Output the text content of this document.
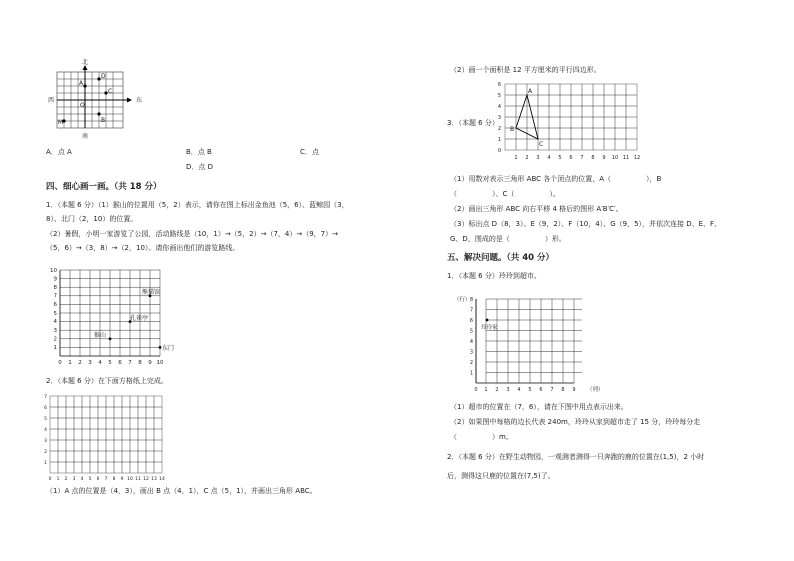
北
南
西	东
A
D
C
O
B
M
A．点 A	B．点 B	C．点
D．点 D
四、细心画一画。（共 18 分）
1．（本题 6 分）（1）猴山的位置用（5，2）表示，请你在图上标出金鱼池（5，6）、蓝鲸园（3，
8）、北门（2，10）的位置。
（2）暑假，小明一家游览了公园，活动路线是（10，1）→（5，2）→（7，4）→（9，7）→
（5，6）→（3，8）→（2，10）。请你画出他们的游览路线。
熊猫馆
孔雀亭
猴山
东门
0 1 2 3 4 5 6 7 8 9 10
1
2
3
4
5
6
7
8
9
10
2．（本题 6 分）在下面方格纸上完成。
0 1 2 3 4 5 6 7 8 9 10 11 12 13 14
1
2
3
4
5
6
7
（1）A 点的位置是（4，3），画出 B 点（4，1），C 点（5，1），并画出三角形 ABC。
（2）画一个面积是 12 平方厘米的平行四边形。
3．（本题 6 分）
A
B
C
1 2 3 4 5 6 7 8 9 10 11 12
0
1
2
3
4
5
6
（1）用数对表示三角形 ABC 各个顶点的位置，A（　　　　　），B
（　　　　　）、C（　　　　　）。
（2）画出三角形 ABC 向右平移 4 格后的图形 A′B′C′。
（3）标出点 D（8，3）、E（9，2）、F（10，4）、G（9，5），并依次连接 D、E、F、
G、D，围成的是（　　　　　）形。
五、解决问题。（共 40 分）
1．（本题 6 分）玲玲到超市。
（行）
（列）
玲玲家
0 1 2 3 4 5 6 7 8 9
1
2
3
4
5
6
7
8
（1）超市的位置在（7，6），请在下图中用点表示出来。
（2）如果图中每格的边长代表 240m，玲玲从家到超市走了 15 分，玲玲每分走
（　　　　　）m。
2．（本题 6 分）在野生动物园，一观测者测得一只奔跑的鹿的位置在(1,5)，2 小时
后，测得这只鹿的位置在(7,5)了。
